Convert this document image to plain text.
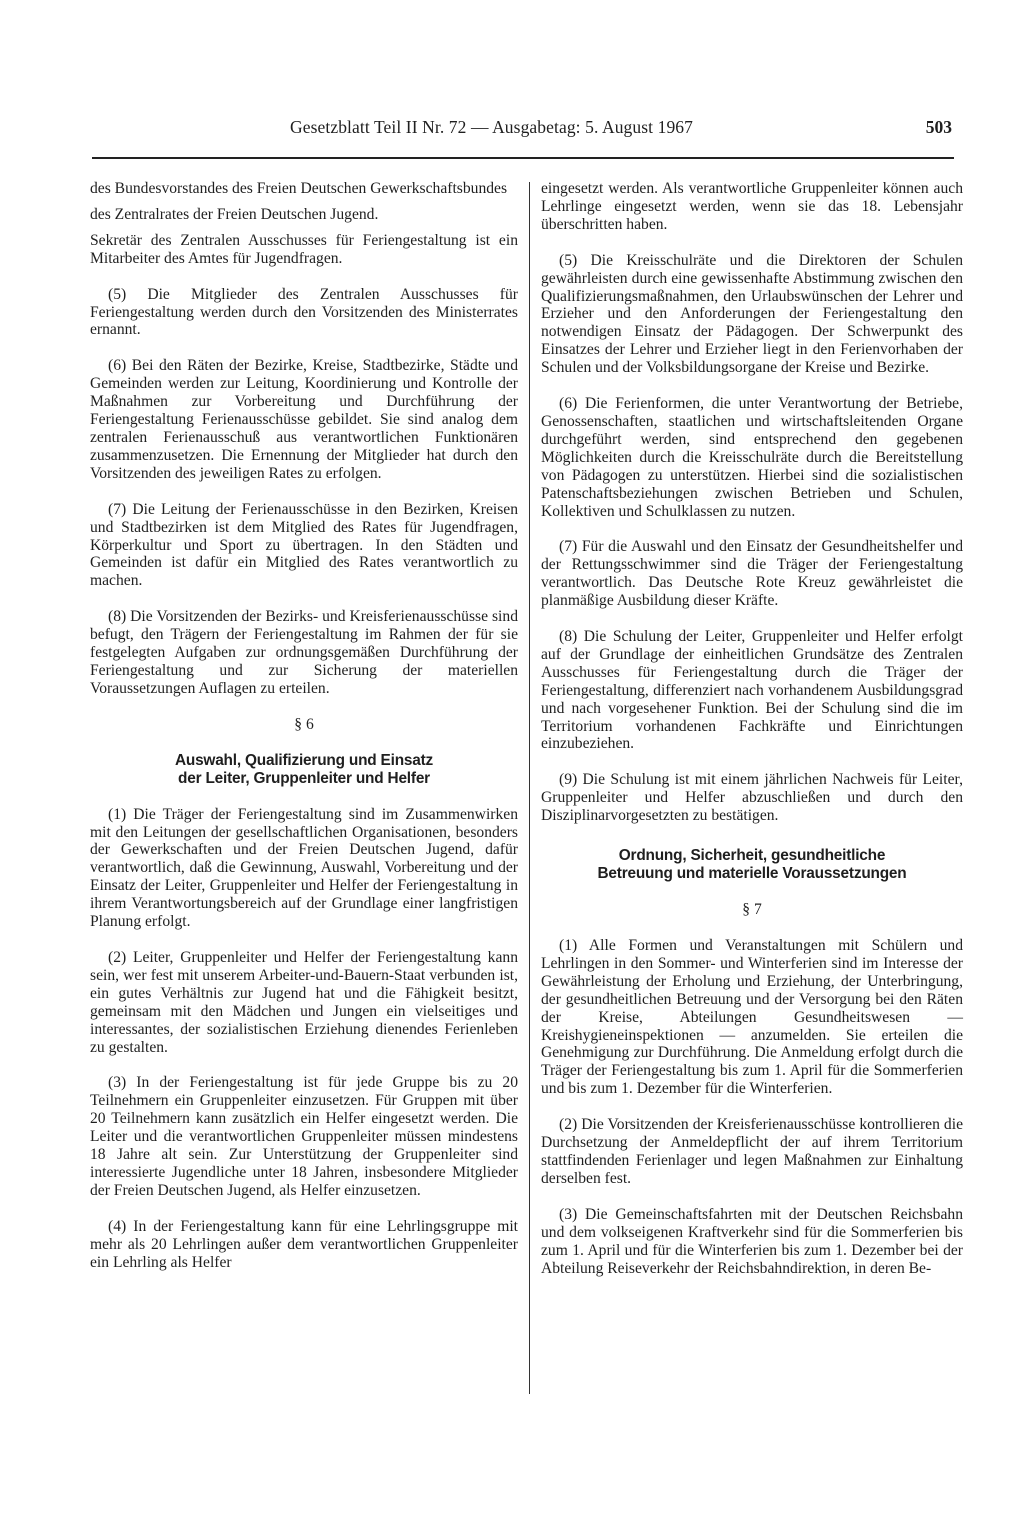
Gesetzblatt Teil II Nr. 72 — Ausgabetag: 5. August 1967	503

des Bundesvorstandes des Freien Deutschen Gewerkschaftsbundes

des Zentralrates der Freien Deutschen Jugend.

Sekretär des Zentralen Ausschusses für Feriengestaltung ist ein Mitarbeiter des Amtes für Jugendfragen.

(5) Die Mitglieder des Zentralen Ausschusses für Feriengestaltung werden durch den Vorsitzenden des Ministerrates ernannt.

(6) Bei den Räten der Bezirke, Kreise, Stadtbezirke, Städte und Gemeinden werden zur Leitung, Koordinierung und Kontrolle der Maßnahmen zur Vorbereitung und Durchführung der Feriengestaltung Ferienausschüsse gebildet. Sie sind analog dem zentralen Ferienausschuß aus verantwortlichen Funktionären zusammenzusetzen. Die Ernennung der Mitglieder hat durch den Vorsitzenden des jeweiligen Rates zu erfolgen.

(7) Die Leitung der Ferienausschüsse in den Bezirken, Kreisen und Stadtbezirken ist dem Mitglied des Rates für Jugendfragen, Körperkultur und Sport zu übertragen. In den Städten und Gemeinden ist dafür ein Mitglied des Rates verantwortlich zu machen.

(8) Die Vorsitzenden der Bezirks- und Kreisferienausschüsse sind befugt, den Trägern der Feriengestaltung im Rahmen der für sie festgelegten Aufgaben zur ordnungsgemäßen Durchführung der Feriengestaltung und zur Sicherung der materiellen Voraussetzungen Auflagen zu erteilen.

§ 6
Auswahl, Qualifizierung und Einsatz
der Leiter, Gruppenleiter und Helfer

(1) Die Träger der Feriengestaltung sind im Zusammenwirken mit den Leitungen der gesellschaftlichen Organisationen, besonders der Gewerkschaften und der Freien Deutschen Jugend, dafür verantwortlich, daß die Gewinnung, Auswahl, Vorbereitung und der Einsatz der Leiter, Gruppenleiter und Helfer der Feriengestaltung in ihrem Verantwortungsbereich auf der Grundlage einer langfristigen Planung erfolgt.

(2) Leiter, Gruppenleiter und Helfer der Feriengestaltung kann sein, wer fest mit unserem Arbeiter-und-Bauern-Staat verbunden ist, ein gutes Verhältnis zur Jugend hat und die Fähigkeit besitzt, gemeinsam mit den Mädchen und Jungen ein vielseitiges und interessantes, der sozialistischen Erziehung dienendes Ferienleben zu gestalten.

(3) In der Feriengestaltung ist für jede Gruppe bis zu 20 Teilnehmern ein Gruppenleiter einzusetzen. Für Gruppen mit über 20 Teilnehmern kann zusätzlich ein Helfer eingesetzt werden. Die Leiter und die verantwortlichen Gruppenleiter müssen mindestens 18 Jahre alt sein. Zur Unterstützung der Gruppenleiter sind interessierte Jugendliche unter 18 Jahren, insbesondere Mitglieder der Freien Deutschen Jugend, als Helfer einzusetzen.

(4) In der Feriengestaltung kann für eine Lehrlingsgruppe mit mehr als 20 Lehrlingen außer dem verantwortlichen Gruppenleiter ein Lehrling als Helfer

eingesetzt werden. Als verantwortliche Gruppenleiter können auch Lehrlinge eingesetzt werden, wenn sie das 18. Lebensjahr überschritten haben.

(5) Die Kreisschulräte und die Direktoren der Schulen gewährleisten durch eine gewissenhafte Abstimmung zwischen den Qualifizierungsmaßnahmen, den Urlaubswünschen der Lehrer und Erzieher und den Anforderungen der Feriengestaltung den notwendigen Einsatz der Pädagogen. Der Schwerpunkt des Einsatzes der Lehrer und Erzieher liegt in den Ferienvorhaben der Schulen und der Volksbildungsorgane der Kreise und Bezirke.

(6) Die Ferienformen, die unter Verantwortung der Betriebe, Genossenschaften, staatlichen und wirtschaftsleitenden Organe durchgeführt werden, sind entsprechend den gegebenen Möglichkeiten durch die Kreisschulräte durch die Bereitstellung von Pädagogen zu unterstützen. Hierbei sind die sozialistischen Patenschaftsbeziehungen zwischen Betrieben und Schulen, Kollektiven und Schulklassen zu nutzen.

(7) Für die Auswahl und den Einsatz der Gesundheitshelfer und der Rettungsschwimmer sind die Träger der Feriengestaltung verantwortlich. Das Deutsche Rote Kreuz gewährleistet die planmäßige Ausbildung dieser Kräfte.

(8) Die Schulung der Leiter, Gruppenleiter und Helfer erfolgt auf der Grundlage der einheitlichen Grundsätze des Zentralen Ausschusses für Feriengestaltung durch die Träger der Feriengestaltung, differenziert nach vorhandenem Ausbildungsgrad und nach vorgesehener Funktion. Bei der Schulung sind die im Territorium vorhandenen Fachkräfte und Einrichtungen einzubeziehen.

(9) Die Schulung ist mit einem jährlichen Nachweis für Leiter, Gruppenleiter und Helfer abzuschließen und durch den Disziplinarvorgesetzten zu bestätigen.

Ordnung, Sicherheit, gesundheitliche
Betreuung und materielle Voraussetzungen
§ 7

(1) Alle Formen und Veranstaltungen mit Schülern und Lehrlingen in den Sommer- und Winterferien sind im Interesse der Gewährleistung der Erholung und Erziehung, der Unterbringung, der gesundheitlichen Betreuung und der Versorgung bei den Räten der Kreise, Abteilungen Gesundheitswesen — Kreishygieneinspektionen — anzumelden. Sie erteilen die Genehmigung zur Durchführung. Die Anmeldung erfolgt durch die Träger der Feriengestaltung bis zum 1. April für die Sommerferien und bis zum 1. Dezember für die Winterferien.

(2) Die Vorsitzenden der Kreisferienausschüsse kontrollieren die Durchsetzung der Anmeldepflicht der auf ihrem Territorium stattfindenden Ferienlager und legen Maßnahmen zur Einhaltung derselben fest.

(3) Die Gemeinschaftsfahrten mit der Deutschen Reichsbahn und dem volkseigenen Kraftverkehr sind für die Sommerferien bis zum 1. April und für die Winterferien bis zum 1. Dezember bei der Abteilung Reiseverkehr der Reichsbahndirektion, in deren Be-
